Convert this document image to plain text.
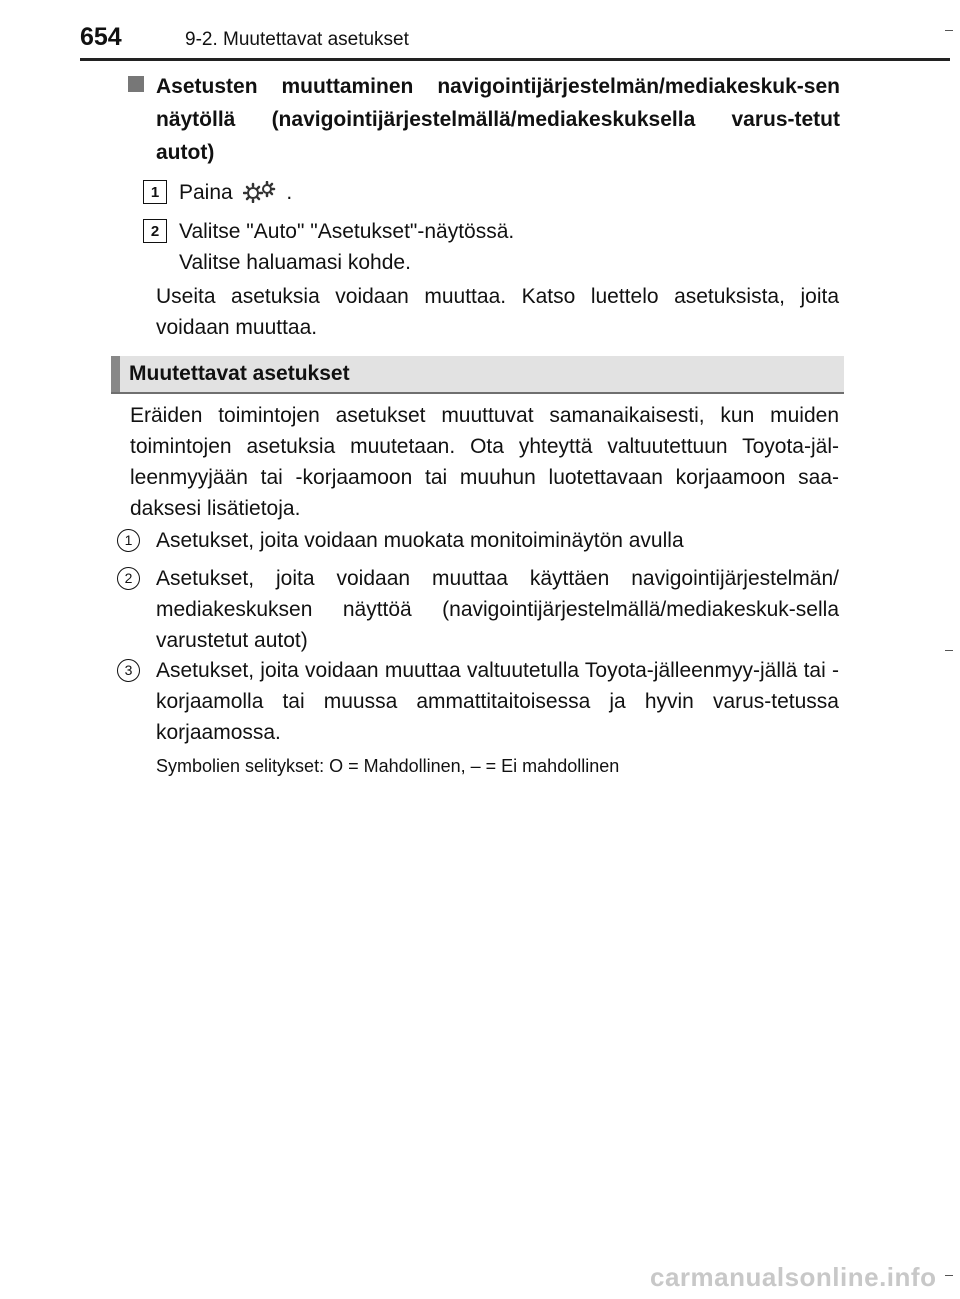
654	9-2. Muutettavat asetukset
Asetusten muuttaminen navigointijärjestelmän/mediakeskuk-sen näytöllä (navigointijärjestelmällä/mediakeskuksella varus-tetut autot)
1 Paina	.
2 Valitse "Auto" "Asetukset"-näytössä.
Valitse haluamasi kohde.
Useita asetuksia voidaan muuttaa. Katso luettelo asetuksista, joita voidaan muuttaa.
Muutettavat asetukset
Eräiden toimintojen asetukset muuttuvat samanaikaisesti, kun muiden toimintojen asetuksia muutetaan. Ota yhteyttä valtuutettuun Toyota-jäl-leenmyyjään tai -korjaamoon tai muuhun luotettavaan korjaamoon saa-daksesi lisätietoja.
1	Asetukset, joita voidaan muokata monitoiminäytön avulla
2	Asetukset, joita voidaan muuttaa käyttäen navigointijärjestelmän/ mediakeskuksen näyttöä (navigointijärjestelmällä/mediakeskuk-sella varustetut autot)
3	Asetukset, joita voidaan muuttaa valtuutetulla Toyota-jälleenmyy-jällä tai -korjaamolla tai muussa ammattitaitoisessa ja hyvin varus-tetussa korjaamossa.
Symbolien selitykset: O = Mahdollinen, – = Ei mahdollinen
carmanualsonline.info
